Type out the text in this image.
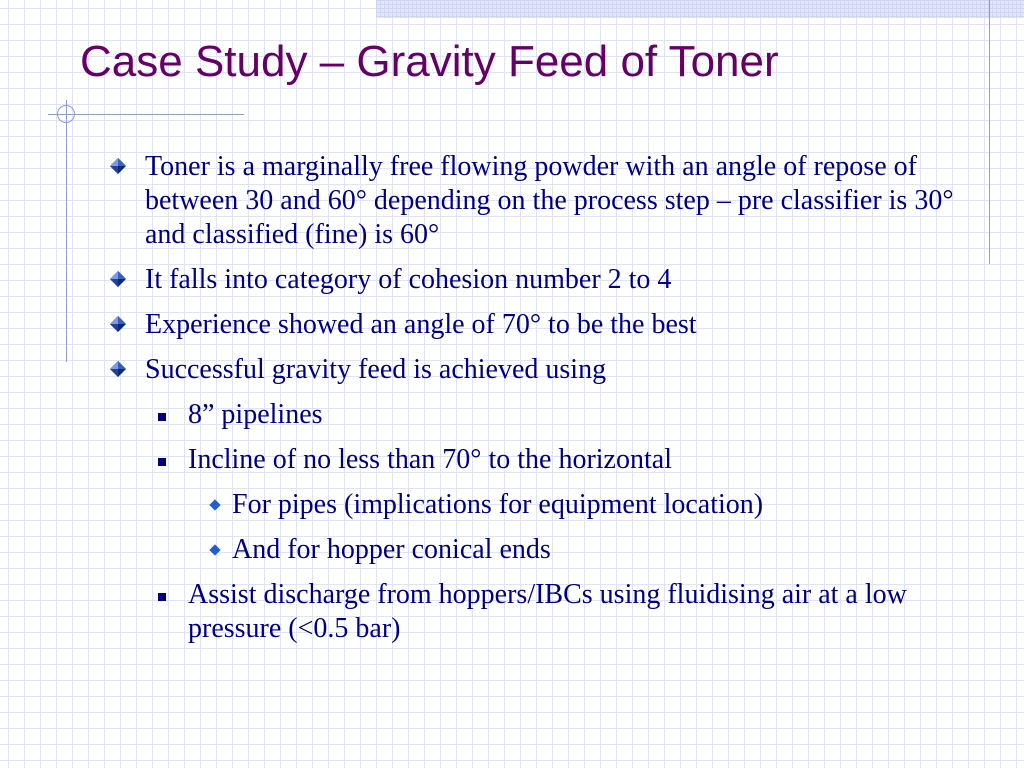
Case Study – Gravity Feed of Toner
Toner is a marginally free flowing powder with an angle of repose of between 30 and 60° depending on the process step – pre classifier is 30° and classified (fine) is 60°
It falls into category of cohesion number 2 to 4
Experience showed an angle of 70° to be the best
Successful gravity feed is achieved using
8” pipelines
Incline of no less than 70° to the horizontal
For pipes (implications for equipment location)
And for hopper conical ends
Assist discharge from hoppers/IBCs using fluidising air at a low pressure (<0.5 bar)
